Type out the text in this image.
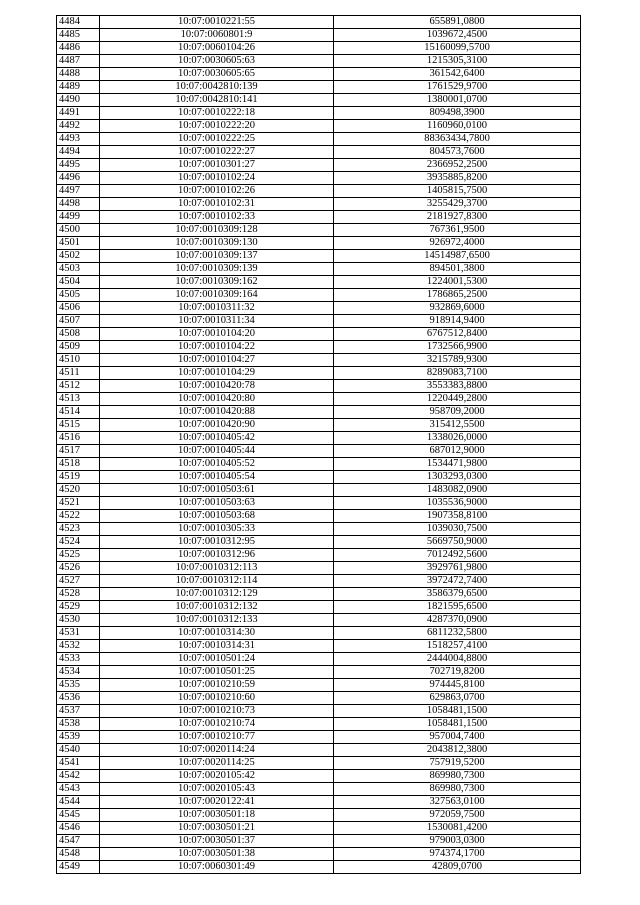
4484	10:07:0010221:55	655891,0800
4485	10:07:0060801:9	1039672,4500
4486	10:07:0060104:26	15160099,5700
4487	10:07:0030605:63	1215305,3100
4488	10:07:0030605:65	361542,6400
4489	10:07:0042810:139	1761529,9700
4490	10:07:0042810:141	1380001,0700
4491	10:07:0010222:18	809498,3900
4492	10:07:0010222:20	1160960,0100
4493	10:07:0010222:25	88363434,7800
4494	10:07:0010222:27	804573,7600
4495	10:07:0010301:27	2366952,2500
4496	10:07:0010102:24	3935885,8200
4497	10:07:0010102:26	1405815,7500
4498	10:07:0010102:31	3255429,3700
4499	10:07:0010102:33	2181927,8300
4500	10:07:0010309:128	767361,9500
4501	10:07:0010309:130	926972,4000
4502	10:07:0010309:137	14514987,6500
4503	10:07:0010309:139	894501,3800
4504	10:07:0010309:162	1224001,5300
4505	10:07:0010309:164	1786865,2500
4506	10:07:0010311:32	932869,6000
4507	10:07:0010311:34	918914,9400
4508	10:07:0010104:20	6767512,8400
4509	10:07:0010104:22	1732566,9900
4510	10:07:0010104:27	3215789,9300
4511	10:07:0010104:29	8289083,7100
4512	10:07:0010420:78	3553383,8800
4513	10:07:0010420:80	1220449,2800
4514	10:07:0010420:88	958709,2000
4515	10:07:0010420:90	315412,5500
4516	10:07:0010405:42	1338026,0000
4517	10:07:0010405:44	687012,9000
4518	10:07:0010405:52	1534471,9800
4519	10:07:0010405:54	1303293,0300
4520	10:07:0010503:61	1483082,0900
4521	10:07:0010503:63	1035536,9000
4522	10:07:0010503:68	1907358,8100
4523	10:07:0010305:33	1039030,7500
4524	10:07:0010312:95	5669750,9000
4525	10:07:0010312:96	7012492,5600
4526	10:07:0010312:113	3929761,9800
4527	10:07:0010312:114	3972472,7400
4528	10:07:0010312:129	3586379,6500
4529	10:07:0010312:132	1821595,6500
4530	10:07:0010312:133	4287370,0900
4531	10:07:0010314:30	6811232,5800
4532	10:07:0010314:31	1518257,4100
4533	10:07:0010501:24	2444004,8800
4534	10:07:0010501:25	702719,8200
4535	10:07:0010210:59	974445,8100
4536	10:07:0010210:60	629863,0700
4537	10:07:0010210:73	1058481,1500
4538	10:07:0010210:74	1058481,1500
4539	10:07:0010210:77	957004,7400
4540	10:07:0020114:24	2043812,3800
4541	10:07:0020114:25	757919,5200
4542	10:07:0020105:42	869980,7300
4543	10:07:0020105:43	869980,7300
4544	10:07:0020122:41	327563,0100
4545	10:07:0030501:18	972059,7500
4546	10:07:0030501:21	1530081,4200
4547	10:07:0030501:37	979003,0300
4548	10:07:0030501:38	974374,1700
4549	10:07:0060301:49	42809,0700
